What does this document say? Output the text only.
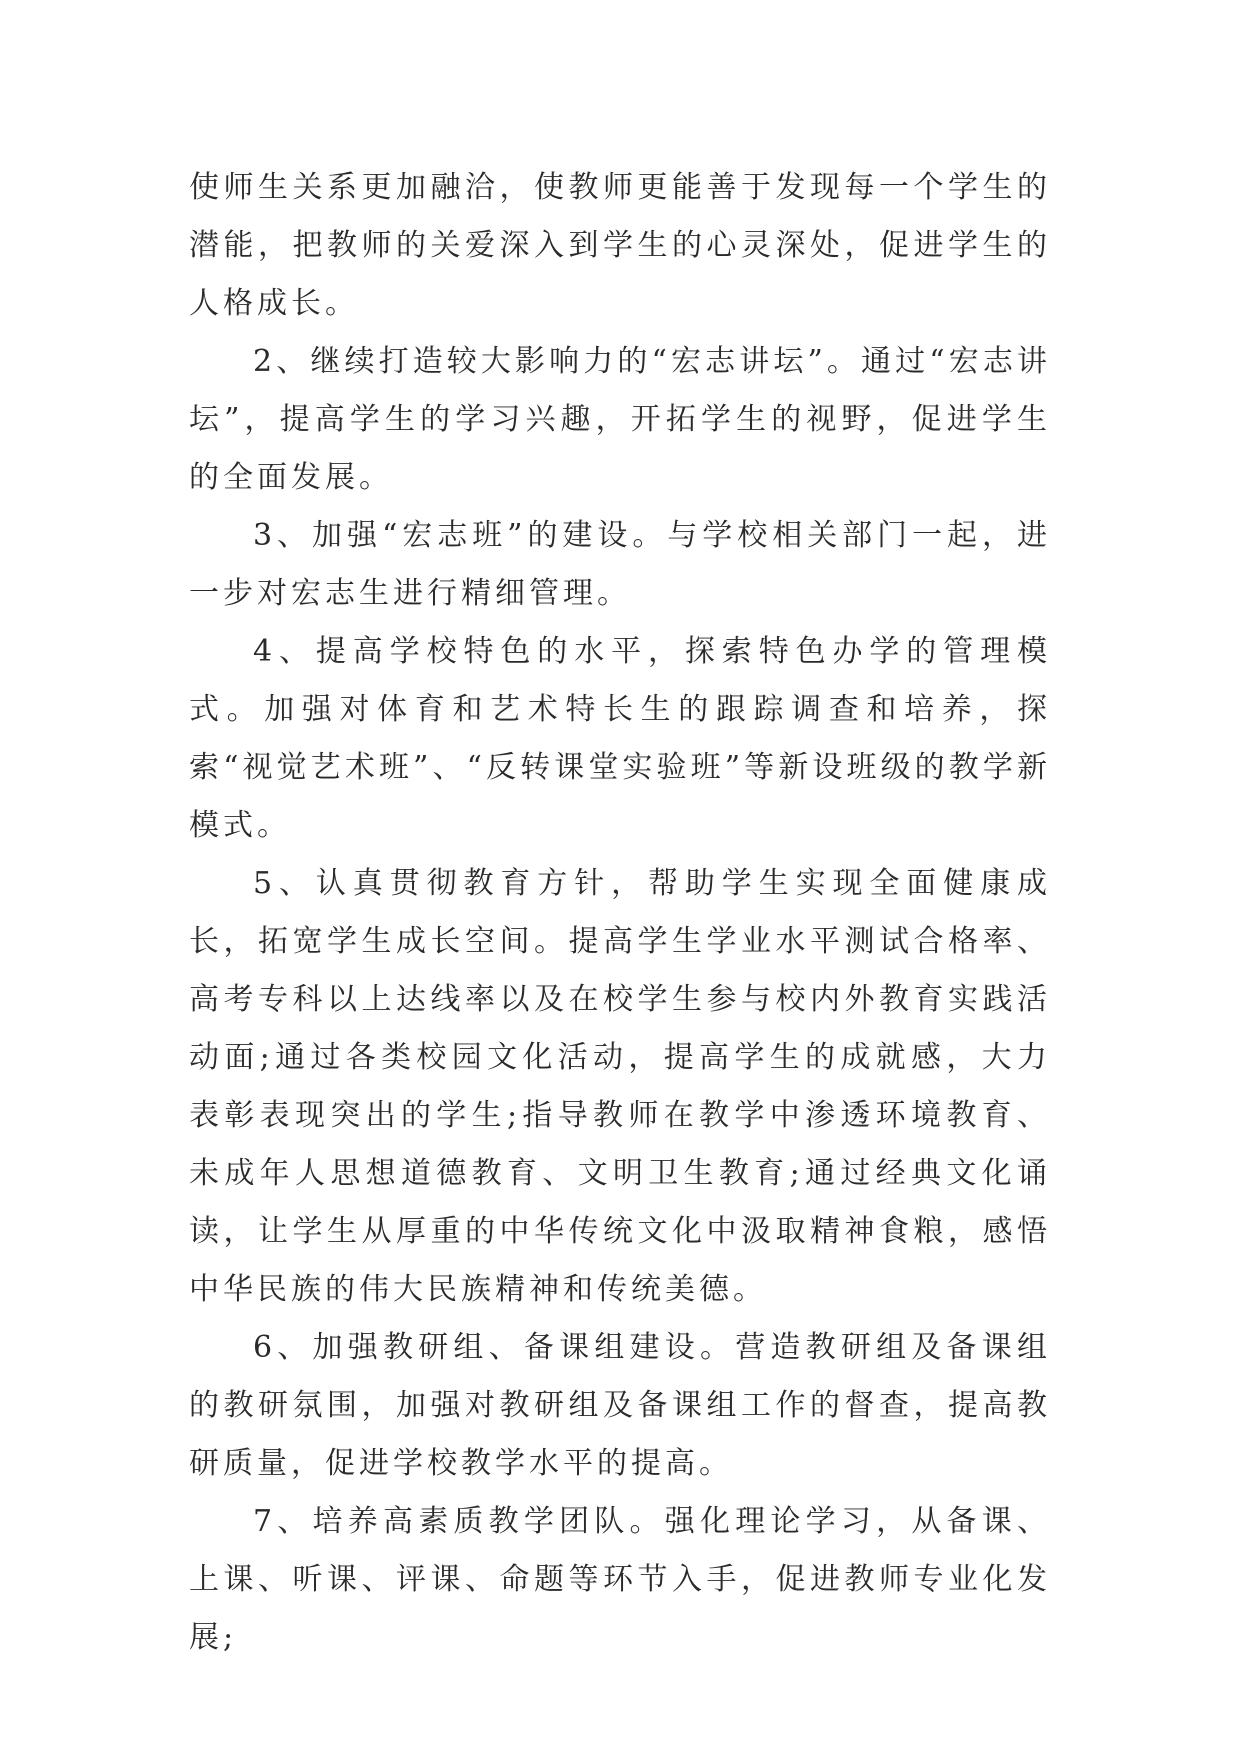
使师生关系更加融洽，使教师更能善于发现每一个学生的潜能，把教师的关爱深入到学生的心灵深处，促进学生的人格成长。

2、继续打造较大影响力的“宏志讲坛”。通过“宏志讲坛”，提高学生的学习兴趣，开拓学生的视野，促进学生的全面发展。

3、加强“宏志班”的建设。与学校相关部门一起，进一步对宏志生进行精细管理。

4、提高学校特色的水平，探索特色办学的管理模式。加强对体育和艺术特长生的跟踪调查和培养，探索“视觉艺术班”、“反转课堂实验班”等新设班级的教学新模式。

5、认真贯彻教育方针，帮助学生实现全面健康成长，拓宽学生成长空间。提高学生学业水平测试合格率、高考专科以上达线率以及在校学生参与校内外教育实践活动面;通过各类校园文化活动，提高学生的成就感，大力表彰表现突出的学生;指导教师在教学中渗透环境教育、未成年人思想道德教育、文明卫生教育;通过经典文化诵读，让学生从厚重的中华传统文化中汲取精神食粮，感悟中华民族的伟大民族精神和传统美德。

6、加强教研组、备课组建设。营造教研组及备课组的教研氛围，加强对教研组及备课组工作的督查，提高教研质量，促进学校教学水平的提高。

7、培养高素质教学团队。强化理论学习，从备课、上课、听课、评课、命题等环节入手，促进教师专业化发展;
